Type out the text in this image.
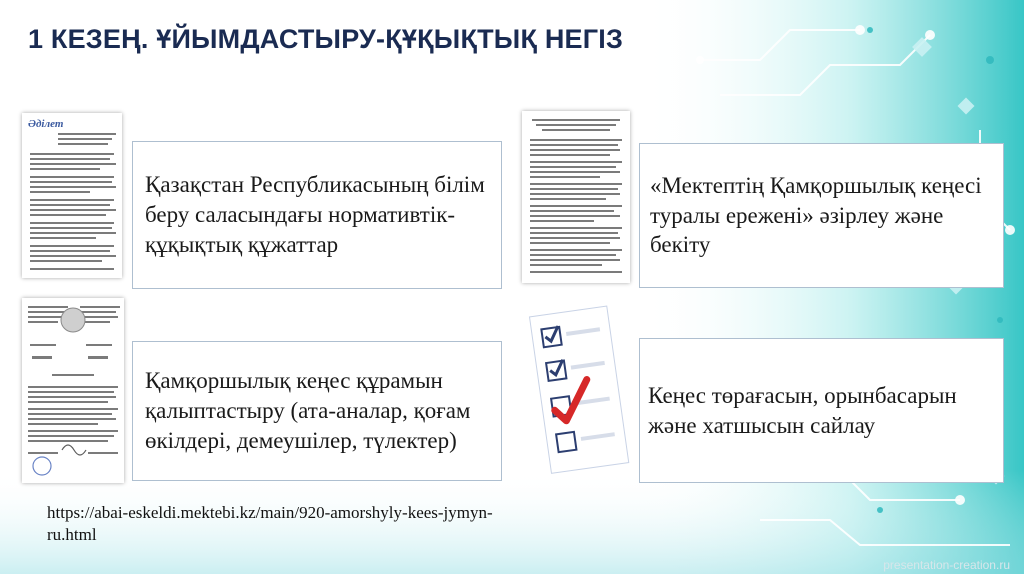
1 КЕЗЕҢ. ҰЙЫМДАСТЫРУ-ҚҰҚЫҚТЫҚ НЕГІЗ
Әділет
Қазақстан Республикасының білім беру саласындағы нормативтік-құқықтық құжаттар
«Мектептің Қамқоршылық кеңесі туралы ережені» әзірлеу және бекіту
Қамқоршылық кеңес құрамын қалыптастыру (ата-аналар, қоғам өкілдері, демеушілер, түлектер)
Кеңес төрағасын, орынбасарын және хатшысын сайлау
https://abai-eskeldi.mektebi.kz/main/920-amorshyly-kees-jymyn-ru.html
presentation-creation.ru
